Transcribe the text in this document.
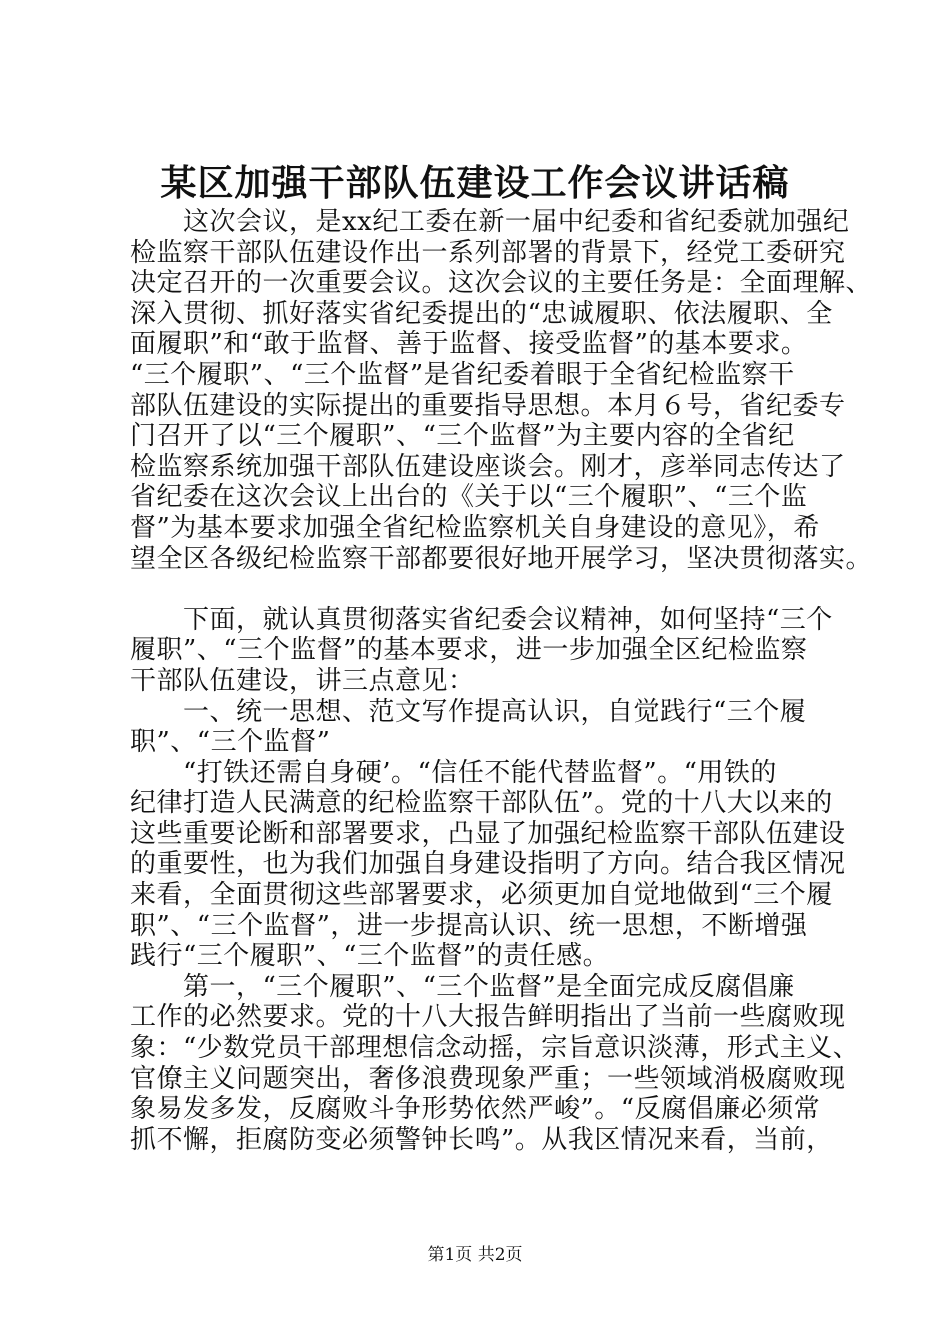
某区加强干部队伍建设工作会议讲话稿
　　这次会议，是xx纪工委在新一届中纪委和省纪委就加强纪
检监察干部队伍建设作出一系列部署的背景下，经党工委研究
决定召开的一次重要会议。这次会议的主要任务是：全面理解、
深入贯彻、抓好落实省纪委提出的“忠诚履职、依法履职、全
面履职”和“敢于监督、善于监督、接受监督”的基本要求。
“三个履职”、“三个监督”是省纪委着眼于全省纪检监察干
部队伍建设的实际提出的重要指导思想。本月６号，省纪委专
门召开了以“三个履职”、“三个监督”为主要内容的全省纪
检监察系统加强干部队伍建设座谈会。刚才，彦举同志传达了
省纪委在这次会议上出台的《关于以“三个履职”、“三个监
督”为基本要求加强全省纪检监察机关自身建设的意见》，希
望全区各级纪检监察干部都要很好地开展学习，坚决贯彻落实。
　　下面，就认真贯彻落实省纪委会议精神，如何坚持“三个
履职”、“三个监督”的基本要求，进一步加强全区纪检监察
干部队伍建设，讲三点意见：
　　一、统一思想、范文写作提高认识，自觉践行“三个履
职”、“三个监督”
　　“打铁还需自身硬’。“信任不能代替监督”。“用铁的
纪律打造人民满意的纪检监察干部队伍”。党的十八大以来的
这些重要论断和部署要求，凸显了加强纪检监察干部队伍建设
的重要性，也为我们加强自身建设指明了方向。结合我区情况
来看，全面贯彻这些部署要求，必须更加自觉地做到“三个履
职”、“三个监督”，进一步提高认识、统一思想，不断增强
践行“三个履职”、“三个监督”的责任感。
　　第一，“三个履职”、“三个监督”是全面完成反腐倡廉
工作的必然要求。党的十八大报告鲜明指出了当前一些腐败现
象：“少数党员干部理想信念动摇，宗旨意识淡薄，形式主义、
官僚主义问题突出，奢侈浪费现象严重；一些领域消极腐败现
象易发多发，反腐败斗争形势依然严峻”。“反腐倡廉必须常
抓不懈，拒腐防变必须警钟长鸣”。从我区情况来看，当前，
第1页 共2页
